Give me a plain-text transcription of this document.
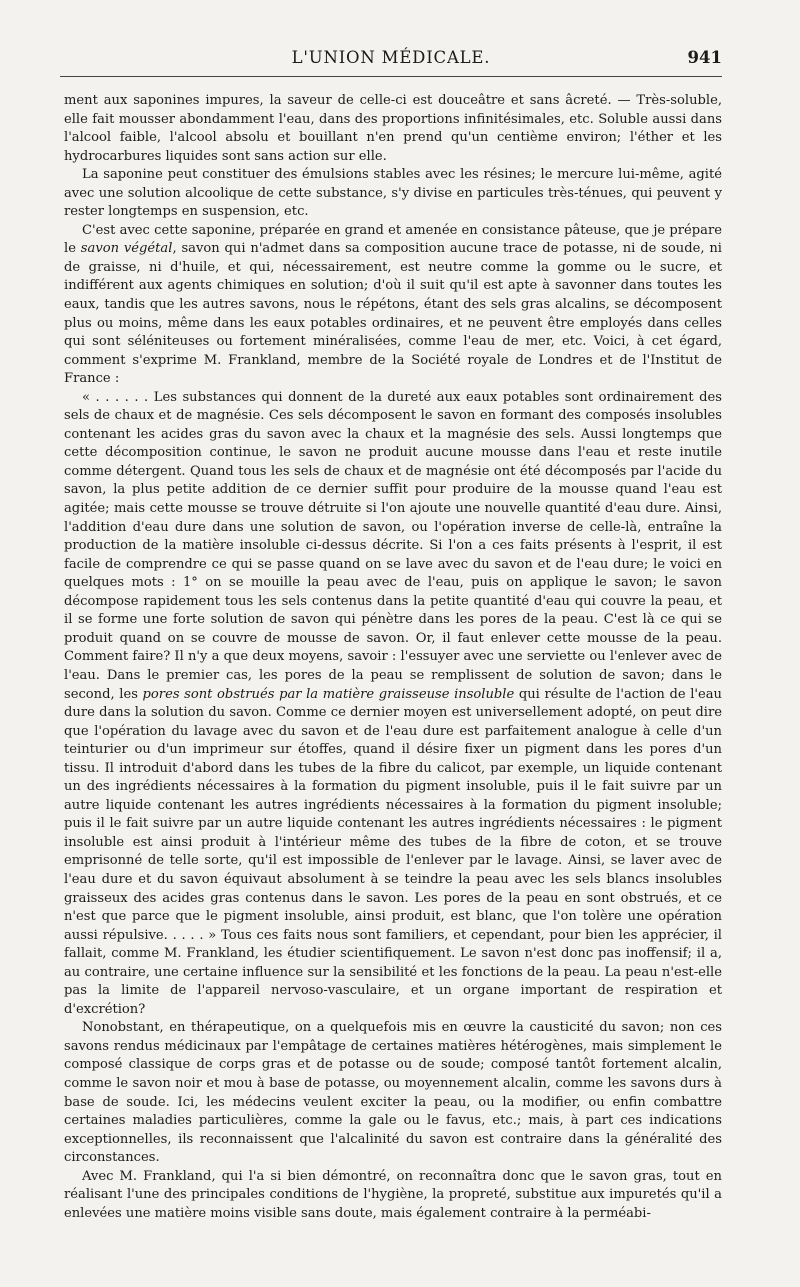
L'UNION MÉDICALE.	941

ment aux saponines impures, la saveur de celle-ci est douceâtre et sans âcreté. — Très-soluble, elle fait mousser abondamment l'eau, dans des proportions infinitésimales, etc. Soluble aussi dans l'alcool faible, l'alcool absolu et bouillant n'en prend qu'un centième environ; l'éther et les hydrocarbures liquides sont sans action sur elle.

La saponine peut constituer des émulsions stables avec les résines; le mercure lui-même, agité avec une solution alcoolique de cette substance, s'y divise en particules très-ténues, qui peuvent y rester longtemps en suspension, etc.

C'est avec cette saponine, préparée en grand et amenée en consistance pâteuse, que je prépare le savon végétal, savon qui n'admet dans sa composition aucune trace de potasse, ni de soude, ni de graisse, ni d'huile, et qui, nécessairement, est neutre comme la gomme ou le sucre, et indifférent aux agents chimiques en solution; d'où il suit qu'il est apte à savonner dans toutes les eaux, tandis que les autres savons, nous le répétons, étant des sels gras alcalins, se décomposent plus ou moins, même dans les eaux potables ordinaires, et ne peuvent être employés dans celles qui sont séléniteuses ou fortement minéralisées, comme l'eau de mer, etc. Voici, à cet égard, comment s'exprime M. Frankland, membre de la Société royale de Londres et de l'Institut de France :

« . . . . . . Les substances qui donnent de la dureté aux eaux potables sont ordinairement des sels de chaux et de magnésie. Ces sels décomposent le savon en formant des composés insolubles contenant les acides gras du savon avec la chaux et la magnésie des sels. Aussi longtemps que cette décomposition continue, le savon ne produit aucune mousse dans l'eau et reste inutile comme détergent. Quand tous les sels de chaux et de magnésie ont été décomposés par l'acide du savon, la plus petite addition de ce dernier suffit pour produire de la mousse quand l'eau est agitée; mais cette mousse se trouve détruite si l'on ajoute une nouvelle quantité d'eau dure. Ainsi, l'addition d'eau dure dans une solution de savon, ou l'opération inverse de celle-là, entraîne la production de la matière insoluble ci-dessus décrite. Si l'on a ces faits présents à l'esprit, il est facile de comprendre ce qui se passe quand on se lave avec du savon et de l'eau dure; le voici en quelques mots : 1° on se mouille la peau avec de l'eau, puis on applique le savon; le savon décompose rapidement tous les sels contenus dans la petite quantité d'eau qui couvre la peau, et il se forme une forte solution de savon qui pénètre dans les pores de la peau. C'est là ce qui se produit quand on se couvre de mousse de savon. Or, il faut enlever cette mousse de la peau. Comment faire? Il n'y a que deux moyens, savoir : l'essuyer avec une serviette ou l'enlever avec de l'eau. Dans le premier cas, les pores de la peau se remplissent de solution de savon; dans le second, les pores sont obstrués par la matière graisseuse insoluble qui résulte de l'action de l'eau dure dans la solution du savon. Comme ce dernier moyen est universellement adopté, on peut dire que l'opération du lavage avec du savon et de l'eau dure est parfaitement analogue à celle d'un teinturier ou d'un imprimeur sur étoffes, quand il désire fixer un pigment dans les pores d'un tissu. Il introduit d'abord dans les tubes de la fibre du calicot, par exemple, un liquide contenant un des ingrédients nécessaires à la formation du pigment insoluble, puis il le fait suivre par un autre liquide contenant les autres ingrédients nécessaires à la formation du pigment insoluble; puis il le fait suivre par un autre liquide contenant les autres ingrédients nécessaires : le pigment insoluble est ainsi produit à l'intérieur même des tubes de la fibre de coton, et se trouve emprisonné de telle sorte, qu'il est impossible de l'enlever par le lavage. Ainsi, se laver avec de l'eau dure et du savon équivaut absolument à se teindre la peau avec les sels blancs insolubles graisseux des acides gras contenus dans le savon. Les pores de la peau en sont obstrués, et ce n'est que parce que le pigment insoluble, ainsi produit, est blanc, que l'on tolère une opération aussi répulsive. . . . . » Tous ces faits nous sont familiers, et cependant, pour bien les apprécier, il fallait, comme M. Frankland, les étudier scientifiquement. Le savon n'est donc pas inoffensif; il a, au contraire, une certaine influence sur la sensibilité et les fonctions de la peau. La peau n'est-elle pas la limite de l'appareil nervoso-vasculaire, et un organe important de respiration et d'excrétion?

Nonobstant, en thérapeutique, on a quelquefois mis en œuvre la causticité du savon; non ces savons rendus médicinaux par l'empâtage de certaines matières hétérogènes, mais simplement le composé classique de corps gras et de potasse ou de soude; composé tantôt fortement alcalin, comme le savon noir et mou à base de potasse, ou moyennement alcalin, comme les savons durs à base de soude. Ici, les médecins veulent exciter la peau, ou la modifier, ou enfin combattre certaines maladies particulières, comme la gale ou le favus, etc.; mais, à part ces indications exceptionnelles, ils reconnaissent que l'alcalinité du savon est contraire dans la généralité des circonstances.

Avec M. Frankland, qui l'a si bien démontré, on reconnaîtra donc que le savon gras, tout en réalisant l'une des principales conditions de l'hygiène, la propreté, substitue aux impuretés qu'il a enlevées une matière moins visible sans doute, mais également contraire à la perméabi-
